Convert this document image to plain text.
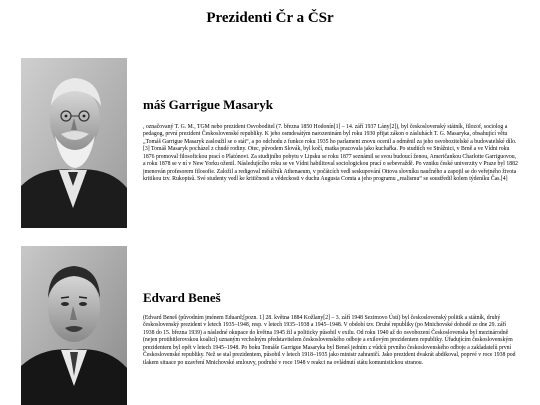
Prezidenti Čr a ČSr
máš Garrigue Masaryk

, označovaný T. G. M., TGM nebo prezident Osvoboditel (7. března 1850 Hodonín[1] – 14. září 1937 Lány[2]), byl československý státník, filozof, sociolog a pedagog, první prezident Československé republiky. K jeho osmdesátým narozeninám byl roku 1930 přijat zákon o zásluhách T. G. Masaryka, obsahující větu „Tomáš Garrigue Masaryk zasloužil se o stát“, a po odchodu z funkce roku 1935 ho parlament znovu ocenil a odměnil za jeho osvobozitelské a budovatelské dílo.[3] Tomáš Masaryk pocházel z chudé rodiny. Otec, původem Slovák, byl kočí, matka pracovala jako kuchařka. Po studiích ve Strážnici, v Brně a ve Vídni roku 1876 promoval filosofickou prací o Platónovi. Za studijního pobytu v Lipsku se roku 1877 seznámil se svou budoucí ženou, Američankou Charlotte Garriguovou, a roku 1878 se v ní v New Yorku oženil. Následujícího roku se ve Vídni habilitoval sociologickou prací o sebevraždě. Po vzniku české univerzity v Praze byl 1882 jmenován profesorem filosofie. Založil a redigoval měsíčník Athenaeum, v počátcích vedl seskupování Ottova slovníku naučného a zapojil se do veřejného života kritikou tzv. Rukopisů. Své studenty vedl ke kritičnosti a vědeckosti v duchu Augusta Comta a jeho programu „realismu“ se soustředil kolem týdeníku Čas.[4]

Edvard Beneš

(Edvard Beneš (původním jménem Eduard;[pozn. 1] 28. května 1884 Kožlany[2] – 3. září 1948 Sezimovo Ústí) byl československý politik a státník, druhý československý prezident v letech 1935–1948, resp. v letech 1935–1938 a 1945–1948. V období tzv. Druhé republiky (po Mnichovské dohodě ze dne 29. září 1938 do 15. března 1939) a následné okupace do května 1945 žil a politicky působil v exilu. Od roku 1940 až do osvobození Československa byl mezinárodně (nejen protihitlerovskou koalicí) uznaným vrcholným představitelem československého odboje a exilovým prezidentem republiky. Úřadujícím československým prezidentem byl opět v letech 1945–1948. Po boku Tomáše Garrigue Masaryka byl Beneš jedním z vůdců prvního československého odboje a zakladatelů první Československé republiky. Než se stal prezidentem, působil v letech 1918–1935 jako ministr zahraničí. Jako prezident dvakrát abdikoval, poprvé v roce 1938 pod tlakem situace po uzavření Mnichovské smlouvy, podruhé v roce 1948 v reakci na ovládnutí státu komunistickou stranou.
